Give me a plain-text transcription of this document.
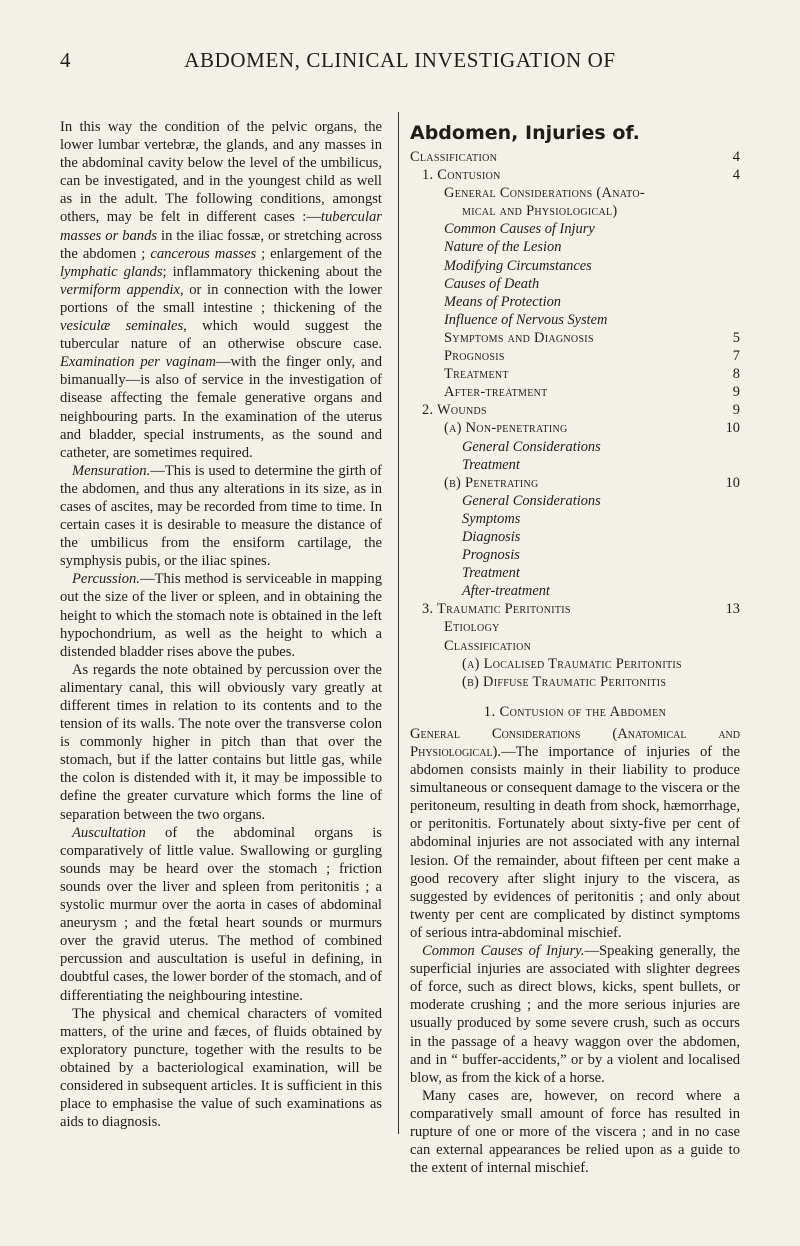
4	ABDOMEN, CLINICAL INVESTIGATION OF

In this way the condition of the pelvic organs, the lower lumbar vertebræ, the glands, and any masses in the abdominal cavity below the level of the umbilicus, can be investigated, and in the youngest child as well as in the adult. The following conditions, amongst others, may be felt in different cases :—tubercular masses or bands in the iliac fossæ, or stretching across the abdomen ; cancerous masses ; enlargement of the lymphatic glands; inflammatory thickening about the vermiform appendix, or in connection with the lower portions of the small intestine ; thickening of the vesiculæ seminales, which would suggest the tubercular nature of an otherwise obscure case. Examination per vaginam—with the finger only, and bimanually—is also of service in the investigation of disease affecting the female generative organs and neighbouring parts. In the examination of the uterus and bladder, special instruments, as the sound and catheter, are sometimes required.

Mensuration.—This is used to determine the girth of the abdomen, and thus any alterations in its size, as in cases of ascites, may be recorded from time to time. In certain cases it is desirable to measure the distance of the umbilicus from the ensiform cartilage, the symphysis pubis, or the iliac spines.

Percussion.—This method is serviceable in mapping out the size of the liver or spleen, and in obtaining the height to which the stomach note is obtained in the left hypochondrium, as well as the height to which a distended bladder rises above the pubes.

As regards the note obtained by percussion over the alimentary canal, this will obviously vary greatly at different times in relation to its contents and to the tension of its walls. The note over the transverse colon is commonly higher in pitch than that over the stomach, but if the latter contains but little gas, while the colon is distended with it, it may be impossible to define the greater curvature which forms the line of separation between the two organs.

Auscultation of the abdominal organs is comparatively of little value. Swallowing or gurgling sounds may be heard over the stomach ; friction sounds over the liver and spleen from peritonitis ; a systolic murmur over the aorta in cases of abdominal aneurysm ; and the fœtal heart sounds or murmurs over the gravid uterus. The method of combined percussion and auscultation is useful in defining, in doubtful cases, the lower border of the stomach, and of differentiating the neighbouring intestine.

The physical and chemical characters of vomited matters, of the urine and fæces, of fluids obtained by exploratory puncture, together with the results to be obtained by a bacteriological examination, will be considered in subsequent articles. It is sufficient in this place to emphasise the value of such examinations as aids to diagnosis.

Abdomen, Injuries of.
Classification	4
1. Contusion	4
General Considerations (Anato-
mical and Physiological)
Common Causes of Injury
Nature of the Lesion
Modifying Circumstances
Causes of Death
Means of Protection
Influence of Nervous System
Symptoms and Diagnosis	5
Prognosis	7
Treatment	8
After-treatment	9
2. Wounds	9
(a) Non-penetrating	10
General Considerations
Treatment
(b) Penetrating	10
General Considerations
Symptoms
Diagnosis
Prognosis
Treatment
After-treatment
3. Traumatic Peritonitis	13
Etiology
Classification
(a) Localised Traumatic Peritonitis
(b) Diffuse Traumatic Peritonitis
1. Contusion of the Abdomen

General Considerations (Anatomical and Physiological).—The importance of injuries of the abdomen consists mainly in their liability to produce simultaneous or consequent damage to the viscera or the peritoneum, resulting in death from shock, hæmorrhage, or peritonitis. Fortunately about sixty-five per cent of abdominal injuries are not associated with any internal lesion. Of the remainder, about fifteen per cent make a good recovery after slight injury to the viscera, as suggested by evidences of peritonitis ; and only about twenty per cent are complicated by distinct symptoms of serious intra-abdominal mischief.

Common Causes of Injury.—Speaking generally, the superficial injuries are associated with slighter degrees of force, such as direct blows, kicks, spent bullets, or moderate crushing ; and the more serious injuries are usually produced by some severe crush, such as occurs in the passage of a heavy waggon over the abdomen, and in “ buffer-accidents,” or by a violent and localised blow, as from the kick of a horse.

Many cases are, however, on record where a comparatively small amount of force has resulted in rupture of one or more of the viscera ; and in no case can external appearances be relied upon as a guide to the extent of internal mischief.
